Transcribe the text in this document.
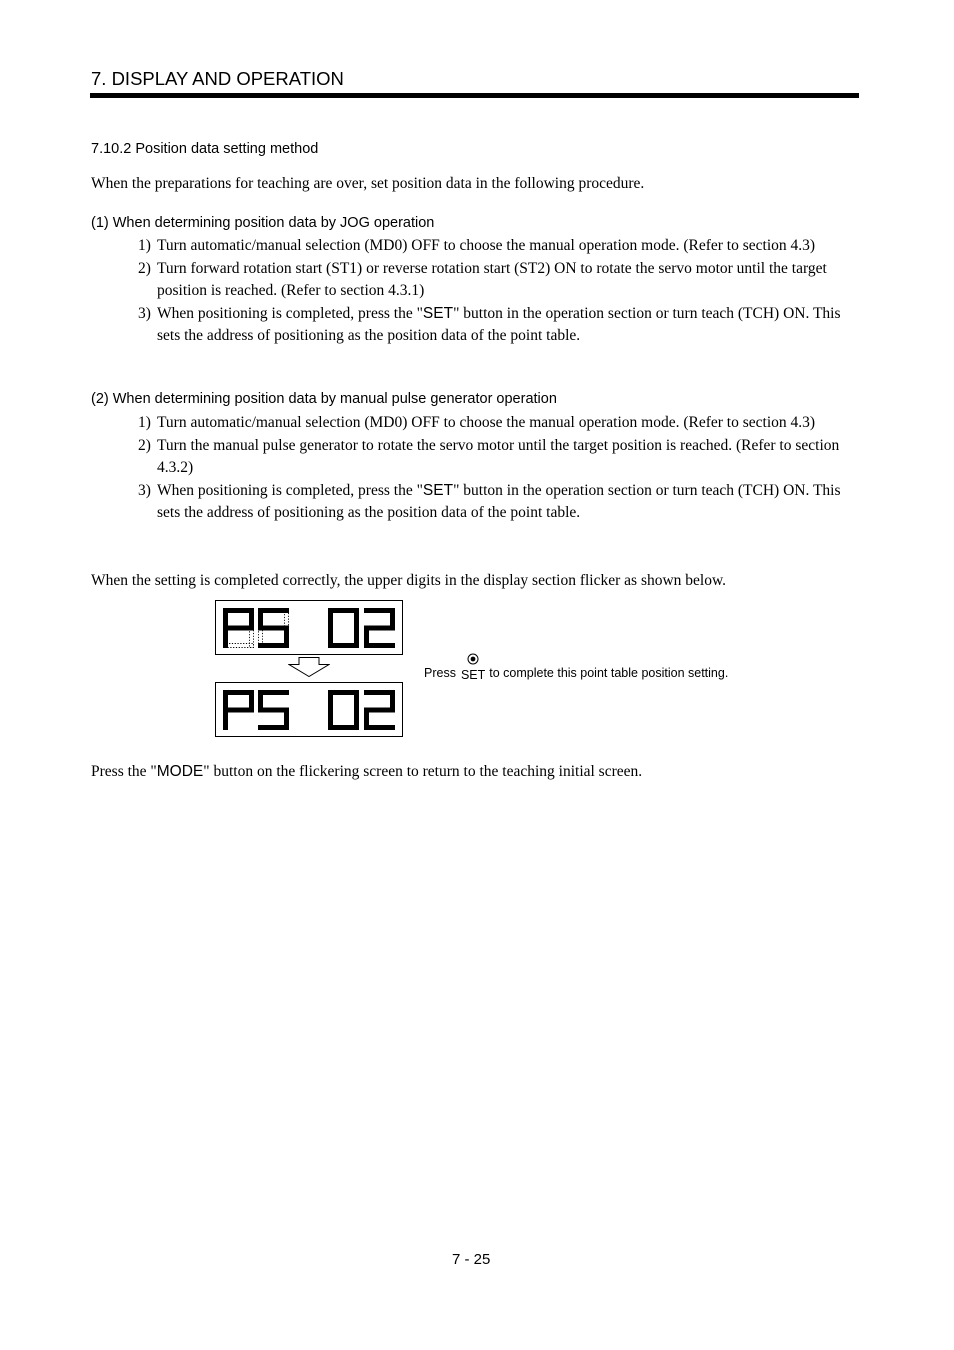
7. DISPLAY AND OPERATION
7.10.2 Position data setting method
When the preparations for teaching are over, set position data in the following procedure.
(1) When determining position data by JOG operation
1) Turn automatic/manual selection (MD0) OFF to choose the manual operation mode. (Refer to section 4.3)
2) Turn forward rotation start (ST1) or reverse rotation start (ST2) ON to rotate the servo motor until the target position is reached. (Refer to section 4.3.1)
3) When positioning is completed, press the "SET" button in the operation section or turn teach (TCH) ON. This sets the address of positioning as the position data of the point table.
(2) When determining position data by manual pulse generator operation
1) Turn automatic/manual selection (MD0) OFF to choose the manual operation mode. (Refer to section 4.3)
2) Turn the manual pulse generator to rotate the servo motor until the target position is reached. (Refer to section 4.3.2)
3) When positioning is completed, press the "SET" button in the operation section or turn teach (TCH) ON. This sets the address of positioning as the position data of the point table.
When the setting is completed correctly, the upper digits in the display section flicker as shown below.
Press SET to complete this point table position setting.
Press the "MODE" button on the flickering screen to return to the teaching initial screen.
7 - 25
